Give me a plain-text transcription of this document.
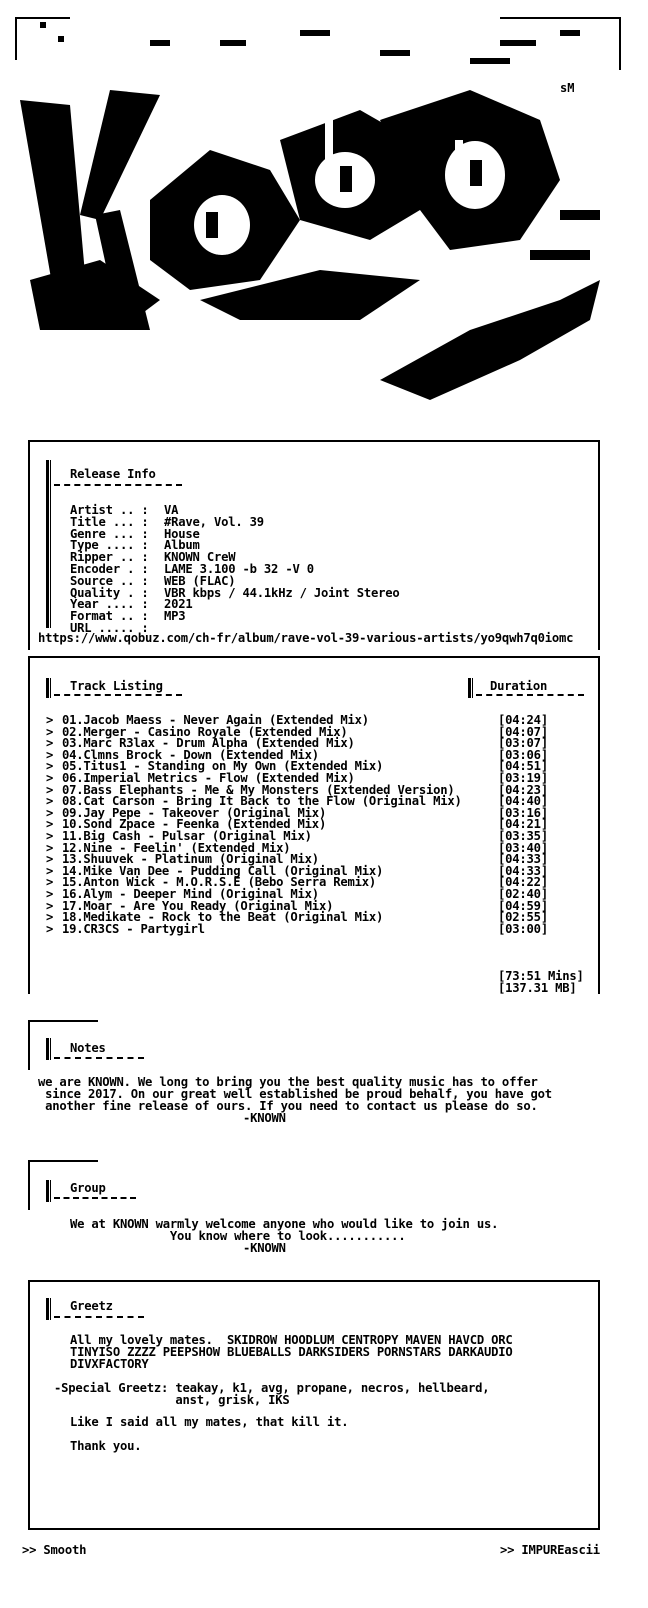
sM
Release Info
Artist .. : VA
Title ... : #Rave, Vol. 39
Genre ... : House
Type .... : Album
Ripper .. : KNOWN CreW
Encoder . : LAME 3.100 -b 32 -V 0
Source .. : WEB (FLAC)
Quality . : VBR kbps / 44.1kHz / Joint Stereo
Year .... : 2021
Format .. : MP3
URL ..... :
https://www.qobuz.com/ch-fr/album/rave-vol-39-various-artists/yo9qwh7q0iomc
Track Listing	Duration
> 01.Jacob Maess - Never Again (Extended Mix)	[04:24]
> 02.Merger - Casino Royale (Extended Mix)	[04:07]
> 03.Marc R3lax - Drum Alpha (Extended Mix)	[03:07]
> 04.Clmns Brock - Down (Extended Mix)	[03:06]
> 05.Titus1 - Standing on My Own (Extended Mix)	[04:51]
> 06.Imperial Metrics - Flow (Extended Mix)	[03:19]
> 07.Bass Elephants - Me & My Monsters (Extended Version)	[04:23]
> 08.Cat Carson - Bring It Back to the Flow (Original Mix)	[04:40]
> 09.Jay Pepe - Takeover (Original Mix)	[03:16]
> 10.Sond Zpace - Feenka (Extended Mix)	[04:21]
> 11.Big Cash - Pulsar (Original Mix)	[03:35]
> 12.Nine - Feelin' (Extended Mix)	[03:40]
> 13.Shuuvek - Platinum (Original Mix)	[04:33]
> 14.Mike Van Dee - Pudding Call (Original Mix)	[04:33]
> 15.Anton Wick - M.O.R.S.E (Bebo Serra Remix)	[04:22]
> 16.Alym - Deeper Mind (Original Mix)	[02:40]
> 17.Moar - Are You Ready (Original Mix)	[04:59]
> 18.Medikate - Rock to the Beat (Original Mix)	[02:55]
> 19.CR3CS - Partygirl	[03:00]
[73:51 Mins]
[137.31 MB]
Notes
we are KNOWN. We long to bring you the best quality music has to offer
since 2017. On our great well established be proud behalf, you have got
another fine release of ours. If you need to contact us please do so.
-KNOWN
Group
We at KNOWN warmly welcome anyone who would like to join us.
You know where to look...........
-KNOWN
Greetz
All my lovely mates.  SKIDROW HOODLUM CENTROPY MAVEN HAVCD ORC
TINYISO ZZZZ PEEPSHOW BLUEBALLS DARKSIDERS PORNSTARS DARKAUDIO
DIVXFACTORY
-Special Greetz: teakay, k1, avg, propane, necros, hellbeard,
anst, grisk, IKS
Like I said all my mates, that kill it.
Thank you.
>> Smooth	>> IMPUREascii
